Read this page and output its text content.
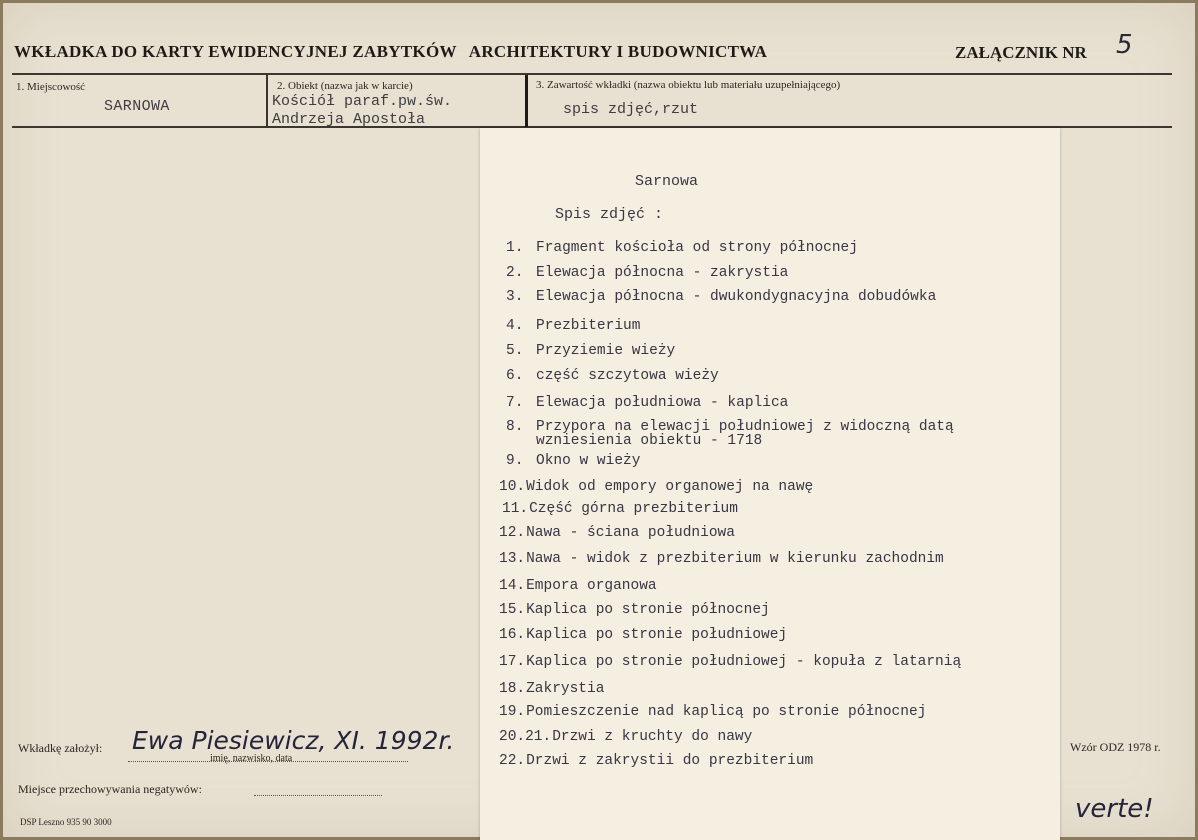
WKŁADKA DO KARTY EWIDENCYJNEJ ZABYTKÓW ARCHITEKTURY I BUDOWNICTWA	ZAŁĄCZNIK NR 5
1. Miejscowość
SARNOWA
2. Obiekt (nazwa jak w karcie)
Kościół paraf.pw.św.
Andrzeja Apostoła
3. Zawartość wkładki (nazwa obiektu lub materiału uzupełniającego)
spis zdjęć,rzut
Sarnowa
Spis zdjęć :
1. Fragment kościoła od strony północnej
2. Elewacja północna - zakrystia
3. Elewacja północna - dwukondygnacyjna dobudówka
4. Prezbiterium
5. Przyziemie wieży
6. część szczytowa wieży
7. Elewacja południowa - kaplica
8. Przypora na elewacji południowej z widoczną datą
wzniesienia obiektu - 1718
9. Okno w wieży
10. Widok od empory organowej na nawę
11. Część górna prezbiterium
12. Nawa - ściana południowa
13. Nawa - widok z prezbiterium w kierunku zachodnim
14. Empora organowa
15. Kaplica po stronie północnej
16. Kaplica po stronie południowej
17. Kaplica po stronie południowej - kopuła z latarnią
18. Zakrystia
19. Pomieszczenie nad kaplicą po stronie północnej
20.21. Drzwi z kruchty do nawy
22. Drzwi z zakrystii do prezbiterium
Wkładkę założył: Ewa Piesiewicz, XI. 1992r.
imię, nazwisko, data
Miejsce przechowywania negatywów:
DSP Leszno 935 90 3000
Wzór ODZ 1978 r.
verte!
